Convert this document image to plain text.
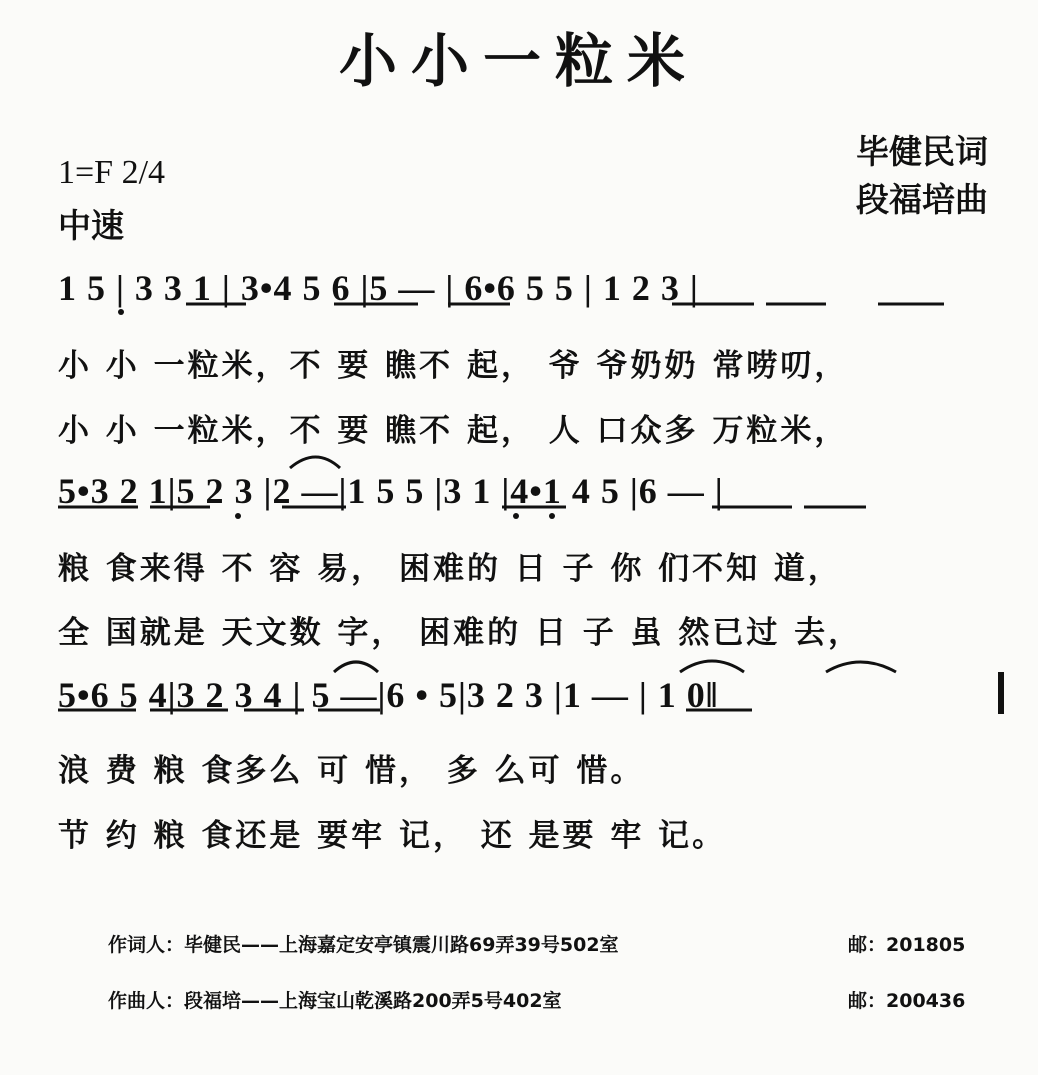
小小一粒米
毕健民词
段福培曲
1=F 2/4
中速
1 5 | 3 3 1 | 3•4 5 6 |5 — | 6•6 5 5 | 1 2 3 |
小 小 一粒米，不 要 瞧不 起， 爷 爷奶奶 常唠叨，
小 小 一粒米，不 要 瞧不 起， 人 口众多 万粒米，
5•3 2 1|5 2 3 |2 —|1 5 5 |3 1 |4•1 4 5 |6 — |
粮 食来得 不 容 易， 困难的 日 子 你 们不知 道，
全 国就是 天文数 字， 困难的 日 子 虽 然已过 去，
5•6 5 4|3 2 3 4 | 5 —|6 • 5|3 2 3 |1 — | 1 0‖
浪 费 粮 食多么 可 惜， 多 么可 惜。
节 约 粮 食还是 要牢 记， 还 是要 牢 记。
作词人：毕健民——上海嘉定安亭镇震川路69弄39号502室	邮：201805
作曲人：段福培——上海宝山乾溪路200弄5号402室	邮：200436
